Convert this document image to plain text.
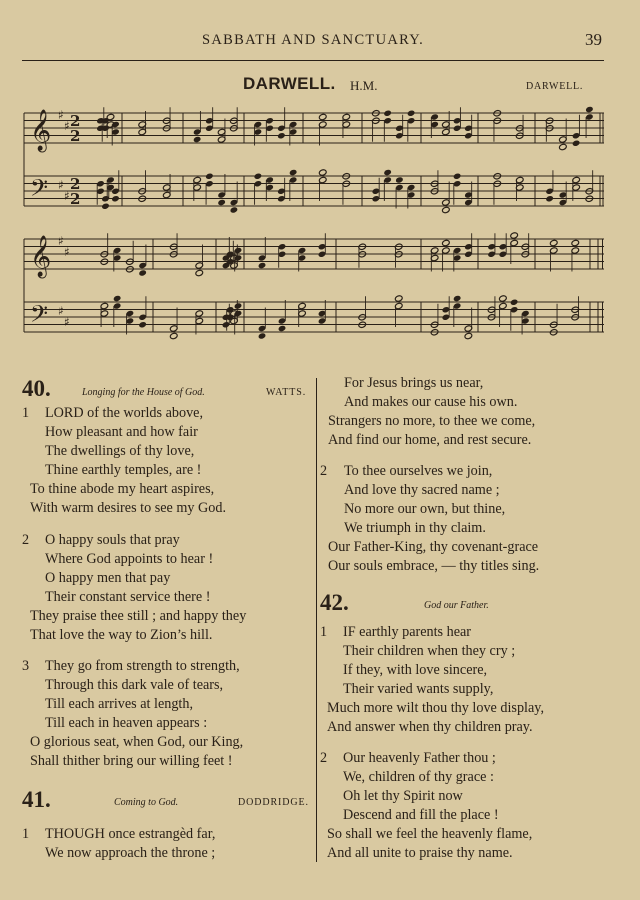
SABBATH AND SANCTUARY.	39
DARWELL. H.M.	DARWELL.
𝄞 ♯
♯ 2
2
𝄢 ♯
♯
2
2
𝄞 ♯
♯
𝄢 ♯
♯
40.	Longing for the House of God.	WATTS.
1 LORD of the worlds above,
How pleasant and how fair
The dwellings of thy love,
Thine earthly temples, are !
To thine abode my heart aspires,
With warm desires to see my God.
2 O happy souls that pray
Where God appoints to hear !
O happy men that pay
Their constant service there !
They praise thee still ; and happy they
That love the way to Zion’s hill.
3 They go from strength to strength,
Through this dark vale of tears,
Till each arrives at length,
Till each in heaven appears :
O glorious seat, when God, our King,
Shall thither bring our willing feet !
41.	Coming to God.	DODDRIDGE.
1 THOUGH once estrangèd far,
We now approach the throne ;
For Jesus brings us near,
And makes our cause his own.
Strangers no more, to thee we come,
And find our home, and rest secure.
2 To thee ourselves we join,
And love thy sacred name ;
No more our own, but thine,
We triumph in thy claim.
Our Father-King, thy covenant-grace
Our souls embrace, — thy titles sing.
42.	God our Father.
1 IF earthly parents hear
Their children when they cry ;
If they, with love sincere,
Their varied wants supply,
Much more wilt thou thy love display,
And answer when thy children pray.
2 Our heavenly Father thou ;
We, children of thy grace :
Oh let thy Spirit now
Descend and fill the place !
So shall we feel the heavenly flame,
And all unite to praise thy name.
